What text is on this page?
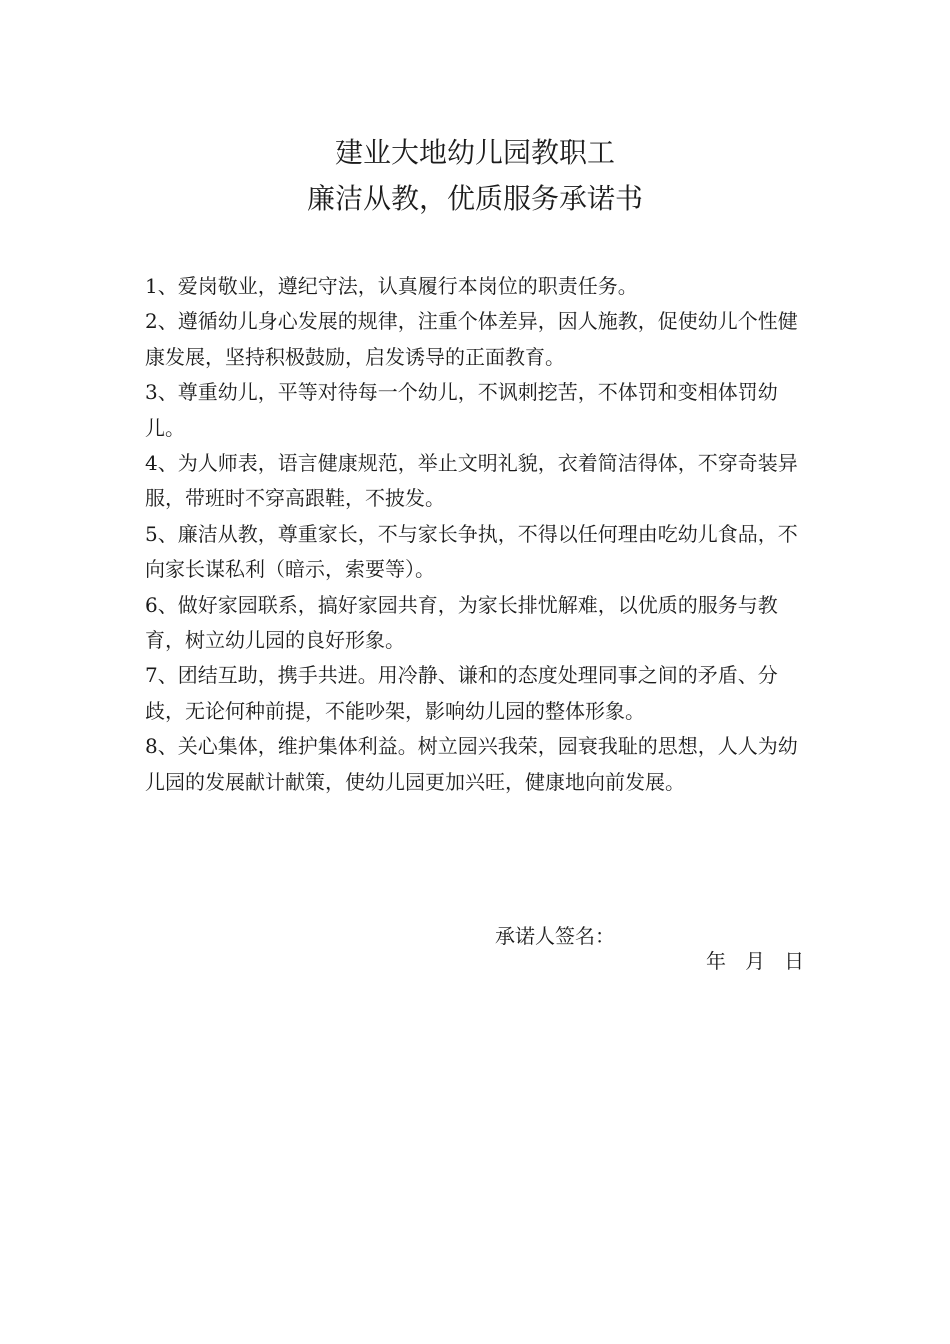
建业大地幼儿园教职工
廉洁从教，优质服务承诺书

1、爱岗敬业，遵纪守法，认真履行本岗位的职责任务。

2、遵循幼儿身心发展的规律，注重个体差异，因人施教，促使幼儿个性健康发展，坚持积极鼓励，启发诱导的正面教育。

3、尊重幼儿，平等对待每一个幼儿，不讽刺挖苦，不体罚和变相体罚幼儿。

4、为人师表，语言健康规范，举止文明礼貌，衣着简洁得体，不穿奇装异服，带班时不穿高跟鞋，不披发。

5、廉洁从教，尊重家长，不与家长争执，不得以任何理由吃幼儿食品，不向家长谋私利（暗示，索要等）。

6、做好家园联系，搞好家园共育，为家长排忧解难，以优质的服务与教育，树立幼儿园的良好形象。

7、团结互助，携手共进。用冷静、谦和的态度处理同事之间的矛盾、分歧，无论何种前提，不能吵架，影响幼儿园的整体形象。

8、关心集体，维护集体利益。树立园兴我荣，园衰我耻的思想，人人为幼儿园的发展献计献策，使幼儿园更加兴旺，健康地向前发展。

承诺人签名：
年   月   日
